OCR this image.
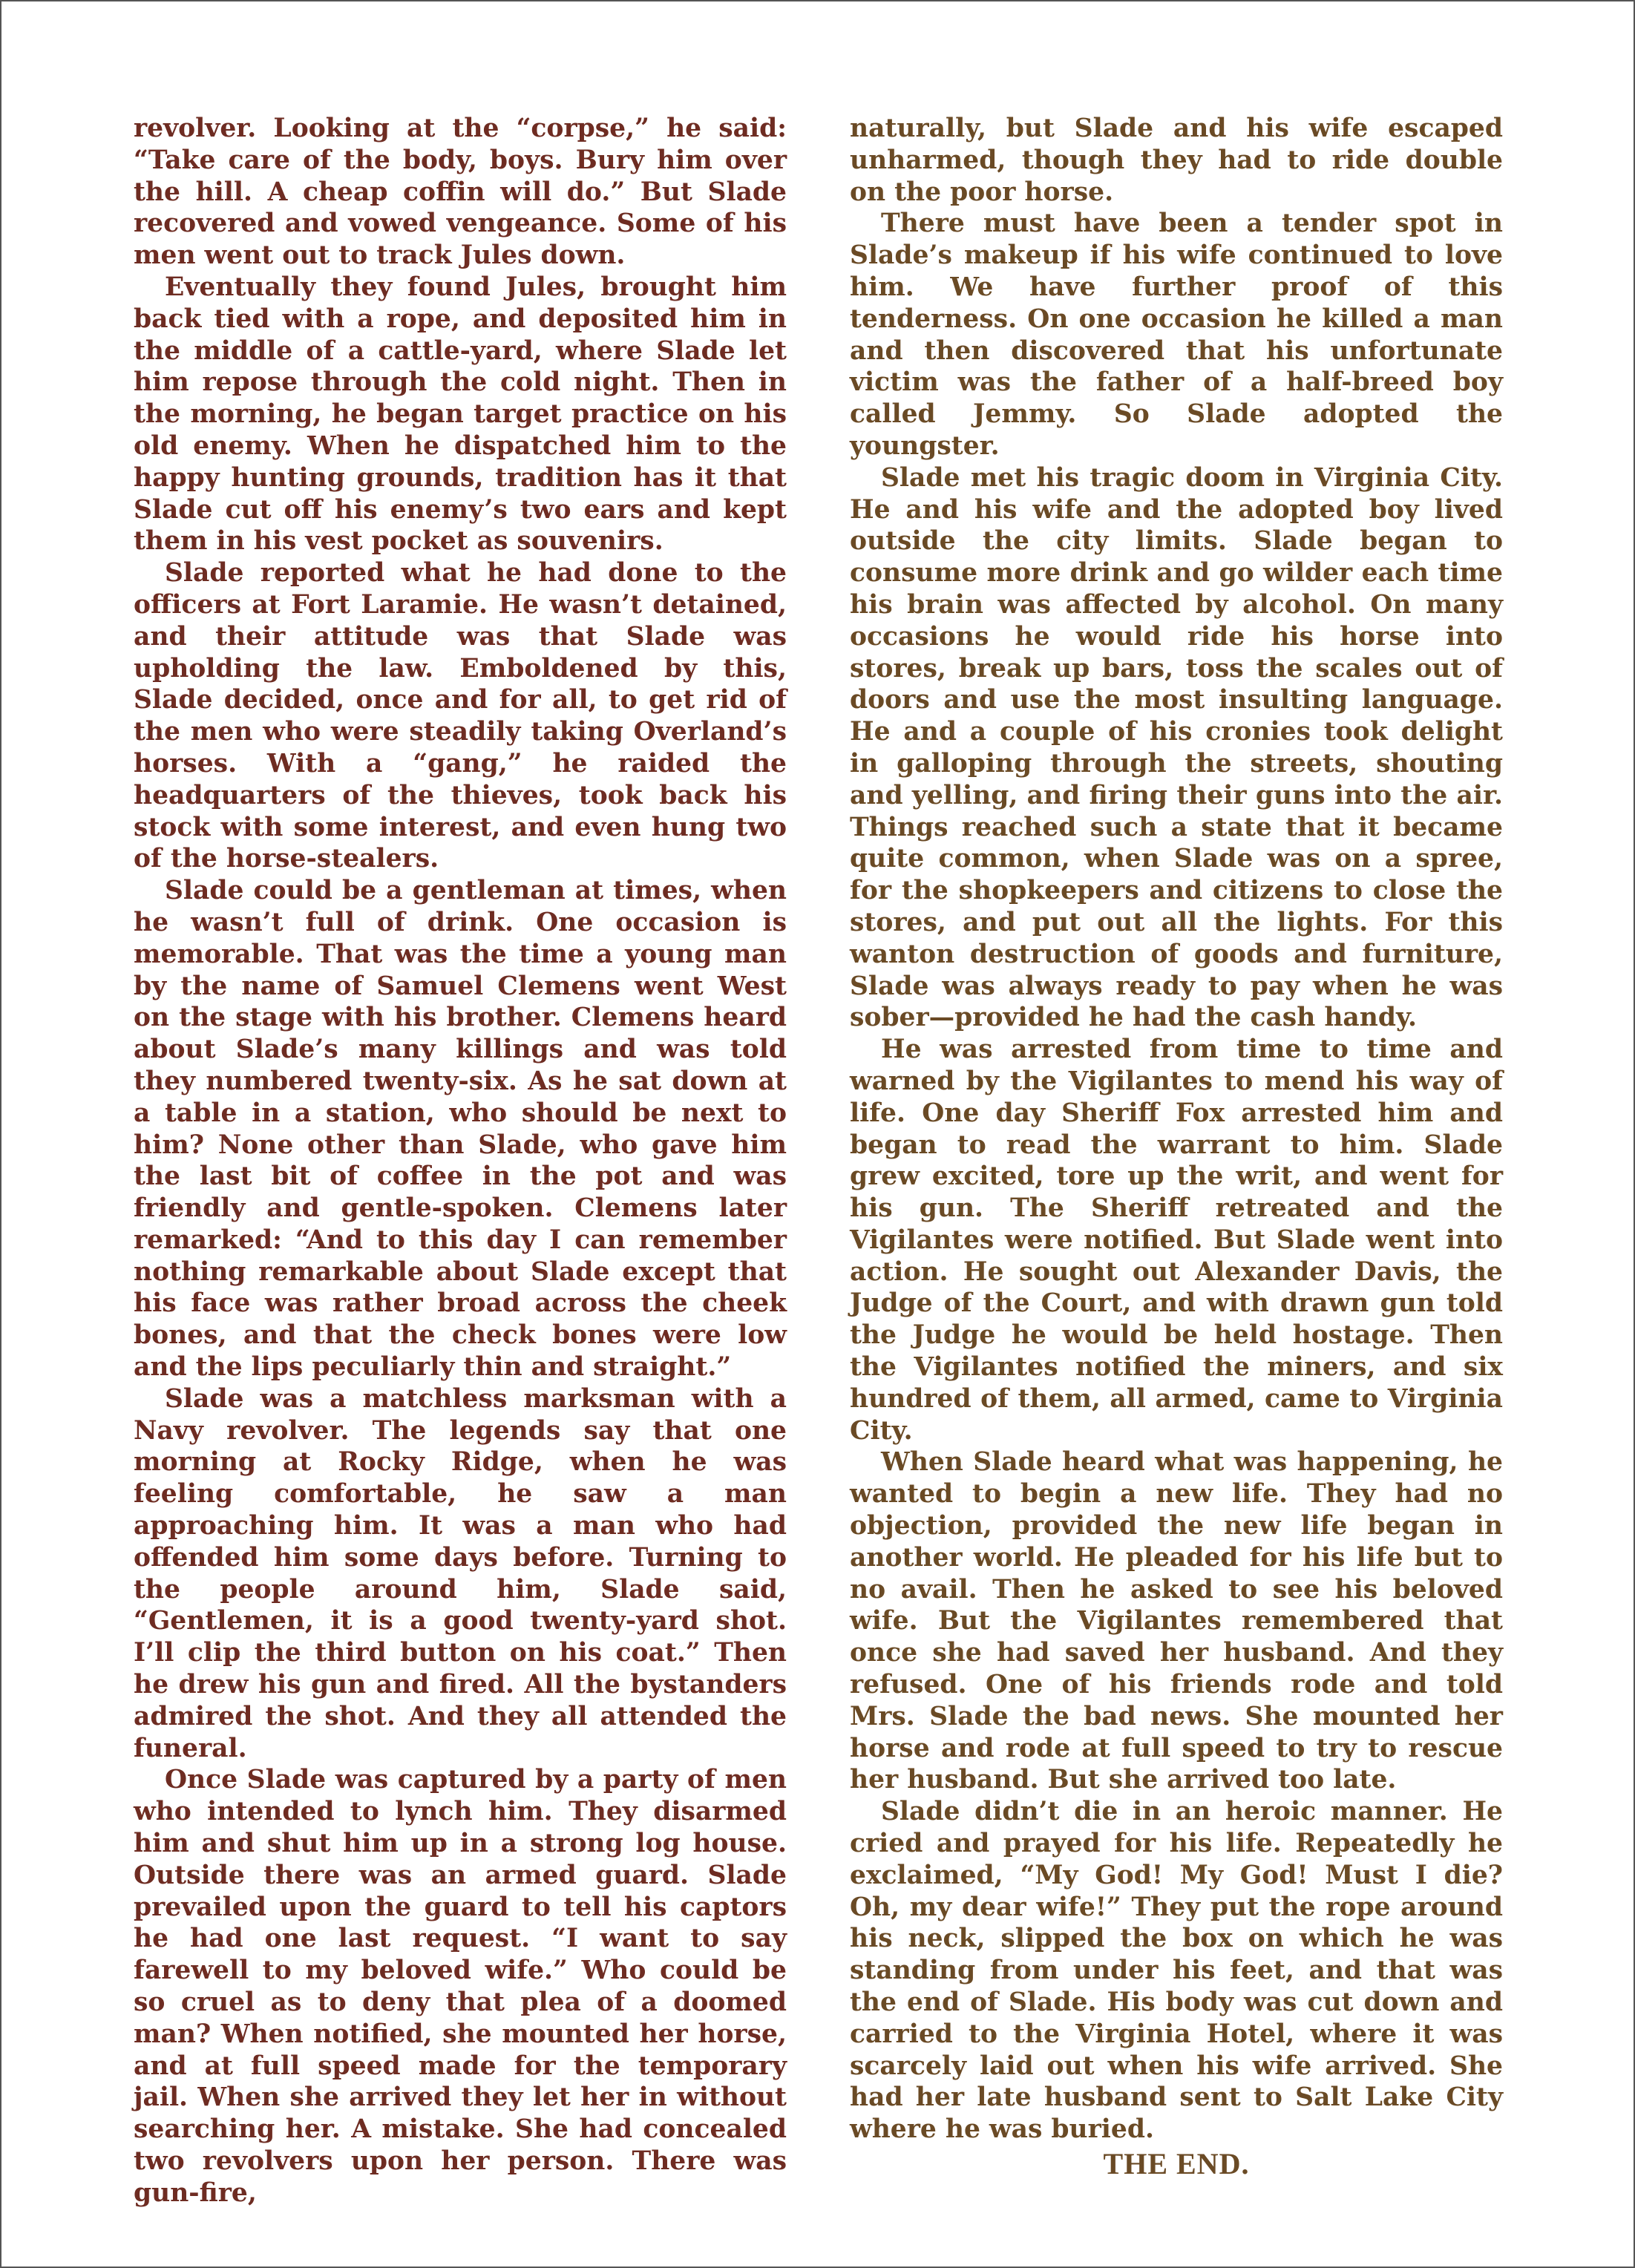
revolver. Looking at the “corpse,” he said: “Take care of the body, boys. Bury him over the hill. A cheap coffin will do.” But Slade recovered and vowed vengeance. Some of his men went out to track Jules down.

Eventually they found Jules, brought him back tied with a rope, and deposited him in the middle of a cattle-yard, where Slade let him repose through the cold night. Then in the morning, he began target practice on his old enemy. When he dispatched him to the happy hunting grounds, tradition has it that Slade cut off his enemy’s two ears and kept them in his vest pocket as souvenirs.

Slade reported what he had done to the officers at Fort Laramie. He wasn’t detained, and their attitude was that Slade was upholding the law. Emboldened by this, Slade decided, once and for all, to get rid of the men who were steadily taking Overland’s horses. With a “gang,” he raided the headquarters of the thieves, took back his stock with some interest, and even hung two of the horse-stealers.

Slade could be a gentleman at times, when he wasn’t full of drink. One occasion is memorable. That was the time a young man by the name of Samuel Clemens went West on the stage with his brother. Clemens heard about Slade’s many killings and was told they numbered twenty-six. As he sat down at a table in a station, who should be next to him? None other than Slade, who gave him the last bit of coffee in the pot and was friendly and gentle-spoken. Clemens later remarked: “And to this day I can remember nothing remarkable about Slade except that his face was rather broad across the cheek bones, and that the check bones were low and the lips peculiarly thin and straight.”

Slade was a matchless marksman with a Navy revolver. The legends say that one morning at Rocky Ridge, when he was feeling comfortable, he saw a man approaching him. It was a man who had offended him some days before. Turning to the people around him, Slade said, “Gentlemen, it is a good twenty-yard shot. I’ll clip the third button on his coat.” Then he drew his gun and fired. All the bystanders admired the shot. And they all attended the funeral.

Once Slade was captured by a party of men who intended to lynch him. They disarmed him and shut him up in a strong log house. Outside there was an armed guard. Slade prevailed upon the guard to tell his captors he had one last request. “I want to say farewell to my beloved wife.” Who could be so cruel as to deny that plea of a doomed man? When notified, she mounted her horse, and at full speed made for the temporary jail. When she arrived they let her in without searching her. A mistake. She had concealed two revolvers upon her person. There was gun-fire,

naturally, but Slade and his wife escaped unharmed, though they had to ride double on the poor horse.

There must have been a tender spot in Slade’s makeup if his wife continued to love him. We have further proof of this tenderness. On one occasion he killed a man and then discovered that his unfortunate victim was the father of a half-breed boy called Jemmy. So Slade adopted the youngster.

Slade met his tragic doom in Virginia City. He and his wife and the adopted boy lived outside the city limits. Slade began to consume more drink and go wilder each time his brain was affected by alcohol. On many occasions he would ride his horse into stores, break up bars, toss the scales out of doors and use the most insulting language. He and a couple of his cronies took delight in galloping through the streets, shouting and yelling, and firing their guns into the air. Things reached such a state that it became quite common, when Slade was on a spree, for the shopkeepers and citizens to close the stores, and put out all the lights. For this wanton destruction of goods and furniture, Slade was always ready to pay when he was sober—provided he had the cash handy.

He was arrested from time to time and warned by the Vigilantes to mend his way of life. One day Sheriff Fox arrested him and began to read the warrant to him. Slade grew excited, tore up the writ, and went for his gun. The Sheriff retreated and the Vigilantes were notified. But Slade went into action. He sought out Alexander Davis, the Judge of the Court, and with drawn gun told the Judge he would be held hostage. Then the Vigilantes notified the miners, and six hundred of them, all armed, came to Virginia City.

When Slade heard what was happening, he wanted to begin a new life. They had no objection, provided the new life began in another world. He pleaded for his life but to no avail. Then he asked to see his beloved wife. But the Vigilantes remembered that once she had saved her husband. And they refused. One of his friends rode and told Mrs. Slade the bad news. She mounted her horse and rode at full speed to try to rescue her husband. But she arrived too late.

Slade didn’t die in an heroic manner. He cried and prayed for his life. Repeatedly he exclaimed, “My God! My God! Must I die? Oh, my dear wife!” They put the rope around his neck, slipped the box on which he was standing from under his feet, and that was the end of Slade. His body was cut down and carried to the Virginia Hotel, where it was scarcely laid out when his wife arrived. She had her late husband sent to Salt Lake City where he was buried.

THE END.
